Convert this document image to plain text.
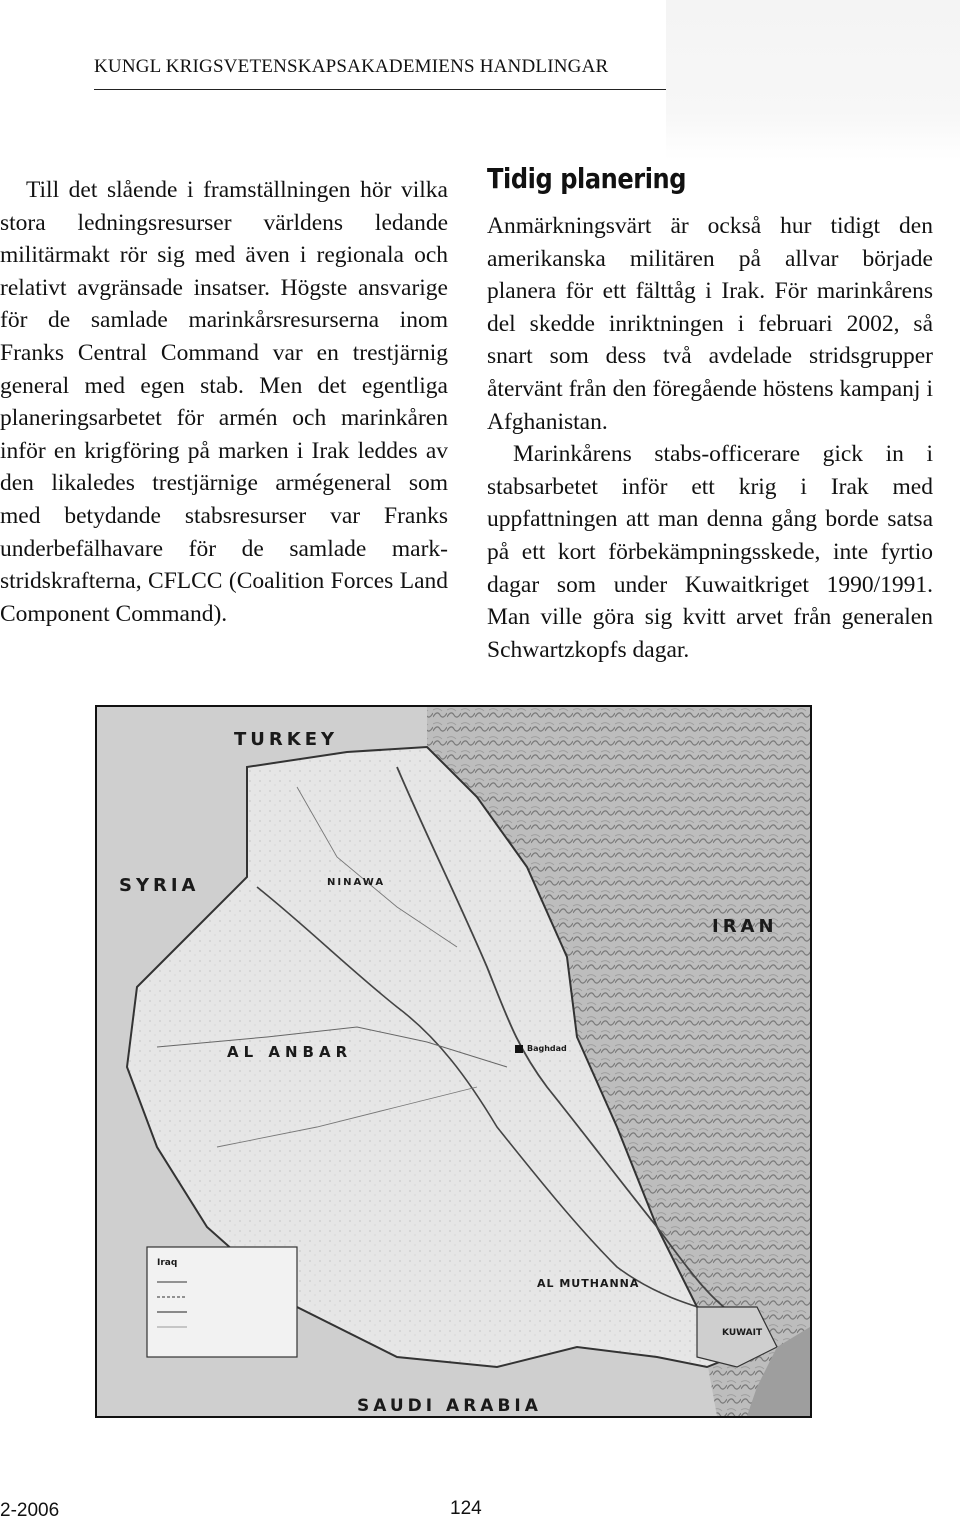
KUNGL KRIGSVETENSKAPSAKADEMIENS HANDLINGAR

Till det slående i framställningen hör vilka stora ledningsresurser världens ledande militärmakt rör sig med även i regionala och relativt avgränsade insatser. Högste ansvarige för de samlade marinkårsresurserna inom Franks Central Command var en trestjärnig general med egen stab. Men det egentliga planeringsarbetet för armén och marinkåren inför en krigföring på marken i Irak leddes av den likaledes trestjärnige armégeneral som med betydande stabsresurser var Franks underbefälhavare för de samlade markstridskrafterna, CFLCC (Coalition Forces Land Component Command).

Tidig planering

Anmärkningsvärt är också hur tidigt den amerikanska militären på allvar började planera för ett fälttåg i Irak. För marinkårens del skedde inriktningen i februari 2002, så snart som dess två avdelade stridsgrupper återvänt från den föregående höstens kampanj i Afghanistan.

Marinkårens stabs-officerare gick in i stabsarbetet inför ett krig i Irak med uppfattningen att man denna gång borde satsa på ett kort förbekämpningsskede, inte fyrtio dagar som under Kuwaitkriget 1990/1991. Man ville göra sig kvitt arvet från generalen Schwartzkopfs dagar.

TURKEY
SYRIA
IRAN
AL ANBAR
SAUDI ARABIA
KUWAIT
AL MUTHANNA
NINAWA
Baghdad
Iraq
2-2006	124
